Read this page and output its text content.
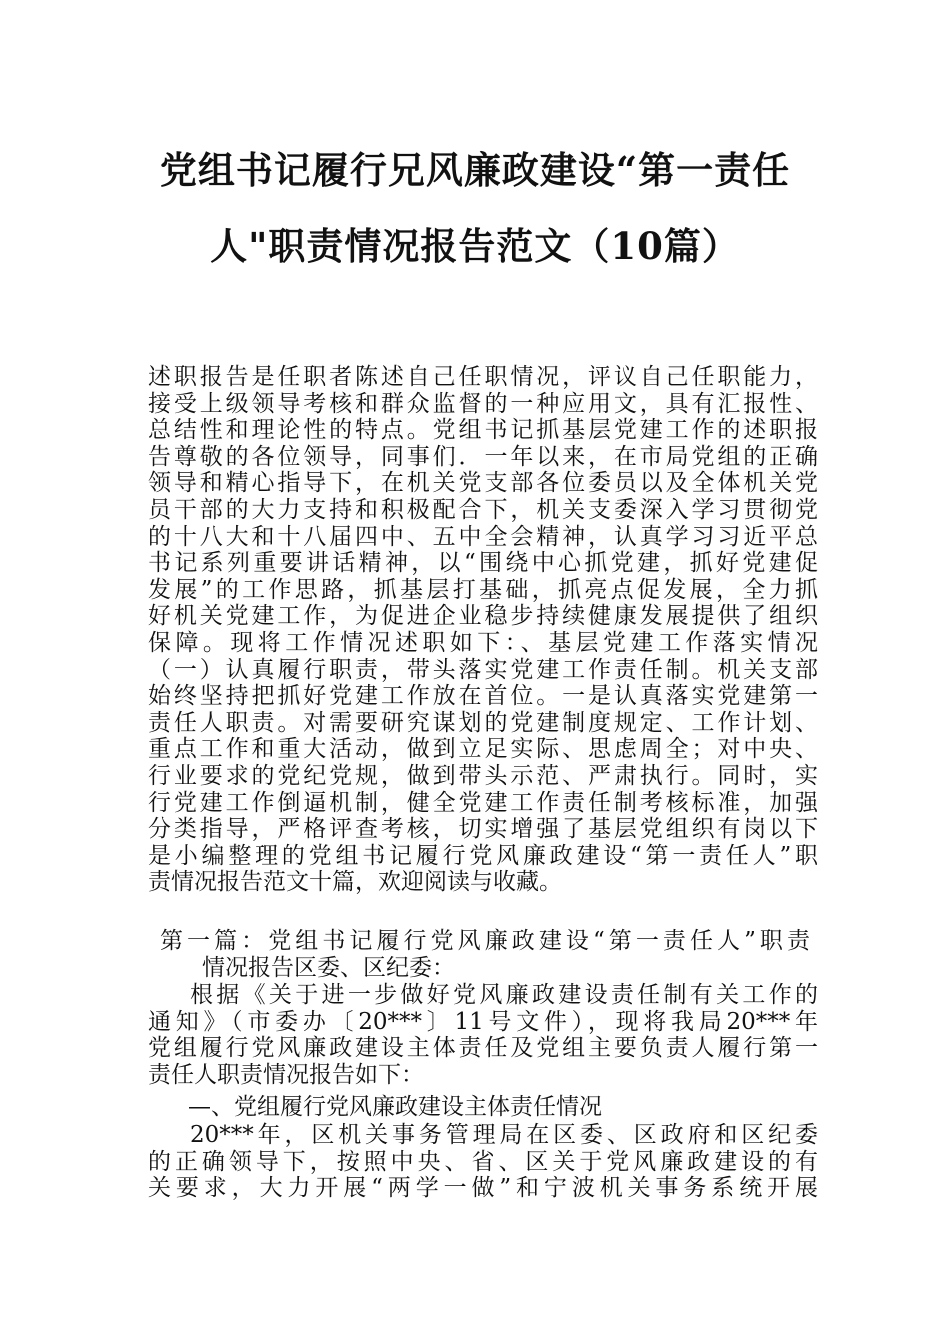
党组书记履行兄风廉政建设“第一责任
人"职责情况报告范文（10篇）
述职报告是任职者陈述自己任职情况，评议自己任职能力，
接受上级领导考核和群众监督的一种应用文，具有汇报性、
总结性和理论性的特点。党组书记抓基层党建工作的述职报
告尊敬的各位领导，同事们．一年以来，在市局党组的正确
领导和精心指导下，在机关党支部各位委员以及全体机关党
员干部的大力支持和积极配合下，机关支委深入学习贯彻党
的十八大和十八届四中、五中全会精神，认真学习习近平总
书记系列重要讲话精神，以“围绕中心抓党建，抓好党建促
发展”的工作思路，抓基层打基础，抓亮点促发展，全力抓
好机关党建工作，为促进企业稳步持续健康发展提供了组织
保障。现将工作情况述职如下：、基层党建工作落实情况
（一）认真履行职责，带头落实党建工作责任制。机关支部
始终坚持把抓好党建工作放在首位。一是认真落实党建第一
责任人职责。对需要研究谋划的党建制度规定、工作计划、
重点工作和重大活动，做到立足实际、思虑周全；对中央、
行业要求的党纪党规，做到带头示范、严肃执行。同时，实
行党建工作倒逼机制，健全党建工作责任制考核标准，加强
分类指导，严格评查考核，切实增强了基层党组织有岗以下
是小编整理的党组书记履行党风廉政建设“第一责任人”职
责情况报告范文十篇，欢迎阅读与收藏。
第一篇：党组书记履行党风廉政建设“第一责任人”职责
情况报告区委、区纪委：
根据《关于进一步做好党风廉政建设责任制有关工作的
通知》（市委办〔20***〕11号文件），现将我局20***年
党组履行党风廉政建设主体责任及党组主要负责人履行第一
责任人职责情况报告如下：
—、党组履行党风廉政建设主体责任情况
20***年，区机关事务管理局在区委、区政府和区纪委
的正确领导下，按照中央、省、区关于党风廉政建设的有
关要求，大力开展“两学一做”和宁波机关事务系统开展
